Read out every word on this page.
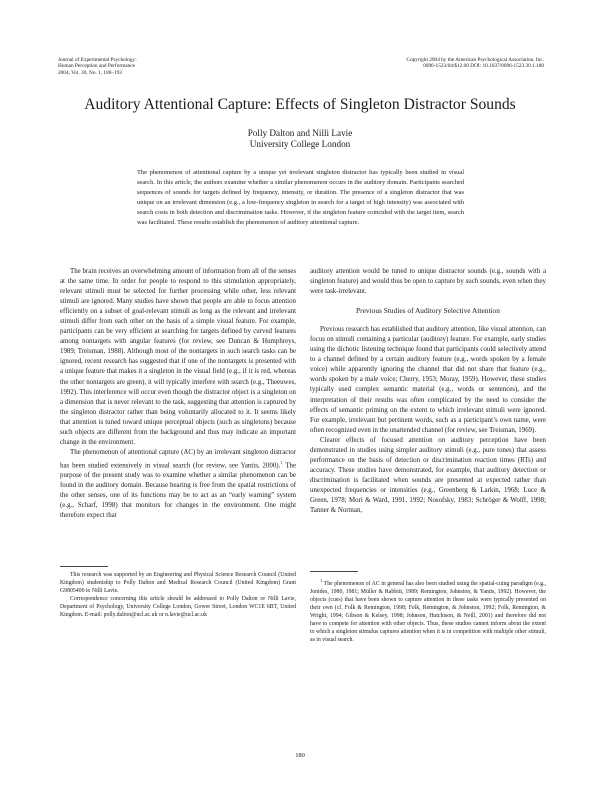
Journal of Experimental Psychology:
Human Perception and Performance
2004, Vol. 30, No. 1, 180–193
Copyright 2004 by the American Psychological Association, Inc.
0096-1523/04/$12.00 DOI: 10.1037/0096-1523.30.1.180
Auditory Attentional Capture: Effects of Singleton Distractor Sounds
Polly Dalton and Nilli Lavie
University College London
The phenomenon of attentional capture by a unique yet irrelevant singleton distractor has typically been studied in visual search. In this article, the authors examine whether a similar phenomenon occurs in the auditory domain. Participants searched sequences of sounds for targets defined by frequency, intensity, or duration. The presence of a singleton distractor that was unique on an irrelevant dimension (e.g., a low-frequency singleton in search for a target of high intensity) was associated with search costs in both detection and discrimination tasks. However, if the singleton feature coincided with the target item, search was facilitated. These results establish the phenomenon of auditory attentional capture.

The brain receives an overwhelming amount of information from all of the senses at the same time. In order for people to respond to this stimulation appropriately, relevant stimuli must be selected for further processing while other, less relevant stimuli are ignored. Many studies have shown that people are able to focus attention efficiently on a subset of goal-relevant stimuli as long as the relevant and irrelevant stimuli differ from each other on the basis of a simple visual feature. For example, participants can be very efficient at searching for targets defined by curved features among nontargets with angular features (for review, see Duncan & Humphreys, 1989; Treisman, 1988). Although most of the nontargets in such search tasks can be ignored, recent research has suggested that if one of the nontargets is presented with a unique feature that makes it a singleton in the visual field (e.g., if it is red, whereas the other nontargets are green), it will typically interfere with search (e.g., Theeuwes, 1992). This interference will occur even though the distractor object is a singleton on a dimension that is never relevant to the task, suggesting that attention is captured by the singleton distractor rather than being voluntarily allocated to it. It seems likely that attention is tuned toward unique perceptual objects (such as singletons) because such objects are different from the background and thus may indicate an important change in the environment.

The phenomenon of attentional capture (AC) by an irrelevant singleton distractor has been studied extensively in visual search (for review, see Yantis, 2000).$^1$ The purpose of the present study was to examine whether a similar phenomenon can be found in the auditory domain. Because hearing is free from the spatial restrictions of the other senses, one of its functions may be to act as an “early warning” system (e.g., Scharf, 1998) that monitors for changes in the environment. One might therefore expect that

auditory attention would be tuned to unique distractor sounds (e.g., sounds with a singleton feature) and would thus be open to capture by such sounds, even when they were task-irrelevant.

Previous Studies of Auditory Selective Attention

Previous research has established that auditory attention, like visual attention, can focus on stimuli containing a particular (auditory) feature. For example, early studies using the dichotic listening technique found that participants could selectively attend to a channel defined by a certain auditory feature (e.g., words spoken by a female voice) while apparently ignoring the channel that did not share that feature (e.g., words spoken by a male voice; Cherry, 1953; Moray, 1959). However, these studies typically used complex semantic material (e.g., words or sentences), and the interpretation of their results was often complicated by the need to consider the effects of semantic priming on the extent to which irrelevant stimuli were ignored. For example, irrelevant but pertinent words, such as a participant’s own name, were often recognized even in the unattended channel (for review, see Treisman, 1969).

Clearer effects of focused attention on auditory perception have been demonstrated in studies using simpler auditory stimuli (e.g., pure tones) that assess performance on the basis of detection or discrimination reaction times (RTs) and accuracy. These studies have demonstrated, for example, that auditory detection or discrimination is facilitated when sounds are presented at expected rather than unexpected frequencies or intensities (e.g., Greenberg & Larkin, 1968; Luce & Green, 1978; Mori & Ward, 1991, 1992; Nosofsky, 1983; Schröger & Wolff, 1998; Tanner & Norman,

This research was supported by an Engineering and Physical Science Research Council (United Kingdom) studentship to Polly Dalton and Medical Research Council (United Kingdom) Grant G9805400 to Nilli Lavie.

Correspondence concerning this article should be addressed to Polly Dalton or Nilli Lavie, Department of Psychology, University College London, Gower Street, London WC1E 6BT, United Kingdom. E-mail: polly.dalton@ucl.ac.uk or n.lavie@ucl.ac.uk

$^1$ The phenomenon of AC in general has also been studied using the spatial-cuing paradigm (e.g., Jonides, 1980, 1981; Müller & Rabbitt, 1989; Remington, Johnston, & Yantis, 1992). However, the objects (cues) that have been shown to capture attention in these tasks were typically presented on their own (cf. Folk & Remington, 1998; Folk, Remington, & Johnston, 1992; Folk, Remington, & Wright, 1994; Gibson & Kelsey, 1998; Johnson, Hutchison, & Neill, 2001) and therefore did not have to compete for attention with other objects. Thus, these studies cannot inform about the extent to which a singleton stimulus captures attention when it is in competition with multiple other stimuli, as in visual search.

180
